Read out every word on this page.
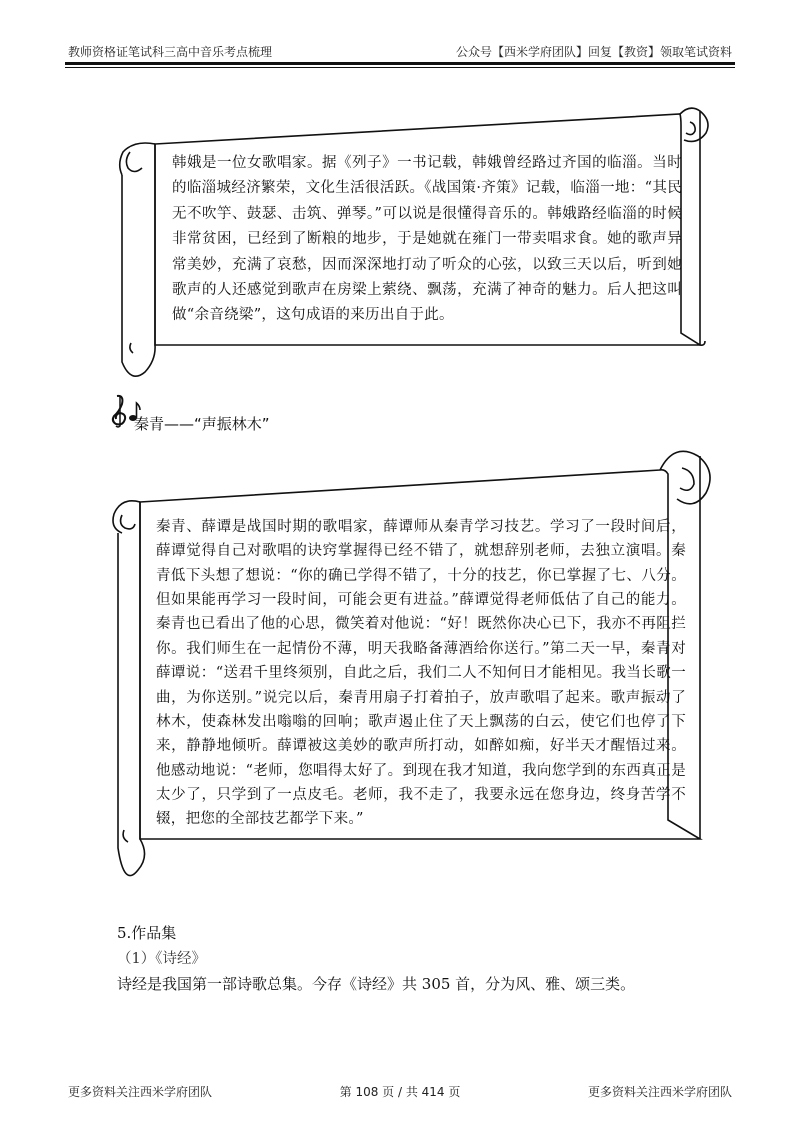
教师资格证笔试科三高中音乐考点梳理	公众号【西米学府团队】回复【教资】领取笔试资料
韩娥是一位女歌唱家。据《列子》一书记载，韩娥曾经路过齐国的临淄。当时的临淄城经济繁荣，文化生活很活跃。《战国策·齐策》记载，临淄一地：“其民无不吹竽、鼓瑟、击筑、弹琴。”可以说是很懂得音乐的。韩娥路经临淄的时候非常贫困，已经到了断粮的地步，于是她就在雍门一带卖唱求食。她的歌声异常美妙，充满了哀愁，因而深深地打动了听众的心弦，以致三天以后，听到她歌声的人还感觉到歌声在房梁上萦绕、飘荡，充满了神奇的魅力。后人把这叫做“余音绕梁”，这句成语的来历出自于此。
秦青——“声振林木”
秦青、薛谭是战国时期的歌唱家，薛谭师从秦青学习技艺。学习了一段时间后，薛谭觉得自己对歌唱的诀窍掌握得已经不错了，就想辞别老师，去独立演唱。秦青低下头想了想说：“你的确已学得不错了，十分的技艺，你已掌握了七、八分。但如果能再学习一段时间，可能会更有进益。”薛谭觉得老师低估了自己的能力。秦青也已看出了他的心思，微笑着对他说：“好！既然你决心已下，我亦不再阻拦你。我们师生在一起情份不薄，明天我略备薄酒给你送行。”第二天一早，秦青对薛谭说：“送君千里终须别，自此之后，我们二人不知何日才能相见。我当长歌一曲，为你送别。”说完以后，秦青用扇子打着拍子，放声歌唱了起来。歌声振动了林木，使森林发出嗡嗡的回响；歌声遏止住了天上飘荡的白云，使它们也停了下来，静静地倾听。薛谭被这美妙的歌声所打动，如醉如痴，好半天才醒悟过来。他感动地说：“老师，您唱得太好了。到现在我才知道，我向您学到的东西真正是太少了，只学到了一点皮毛。老师，我不走了，我要永远在您身边，终身苦学不辍，把您的全部技艺都学下来。”
5.作品集
（1）《诗经》
诗经是我国第一部诗歌总集。今存《诗经》共 305 首，分为风、雅、颂三类。
更多资料关注西米学府团队	第 108 页 / 共 414 页	更多资料关注西米学府团队
